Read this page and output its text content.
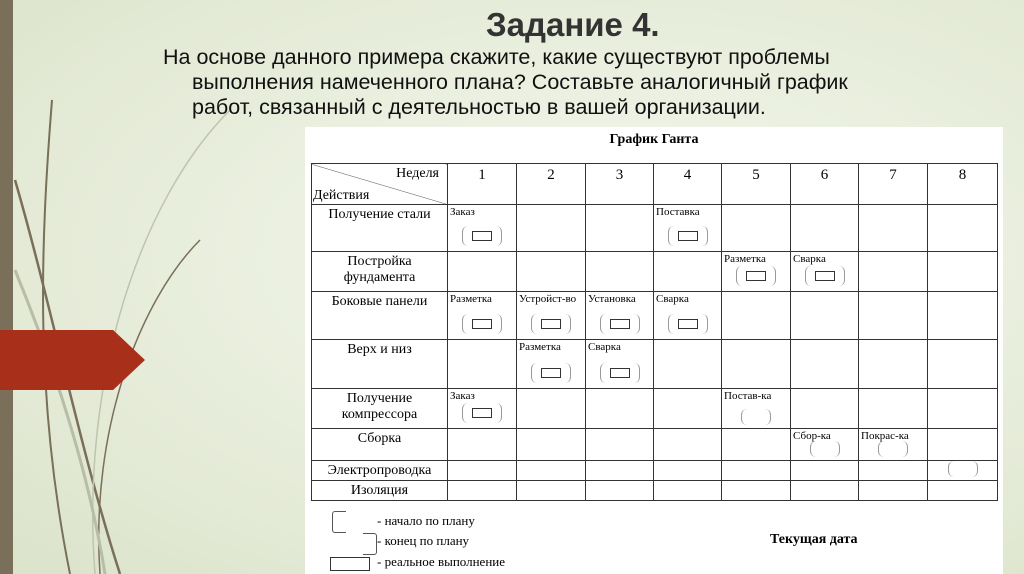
Задание 4.
На основе данного примера скажите, какие существуют проблемы
выполнения намеченного плана? Составьте аналогичный график
работ, связанный с деятельностью в вашей организации.
График Ганта
Неделя
Действия	1	2	3	4	5	6	7	8
Получение стали	Заказ			Поставка

Постройка фундамента					Разметка	Сварка

Боковые панели	Разметка	Устройст-во	Установка	Сварка

Верх и низ		Разметка	Сварка

Получение компрессора	Заказ				Постав-ка

Сборка						Сбор-ка	Покрас-ка

Электропроводка								

Изоляция								
- начало по плану
- конец по плану
- реальное выполнение
Текущая дата
